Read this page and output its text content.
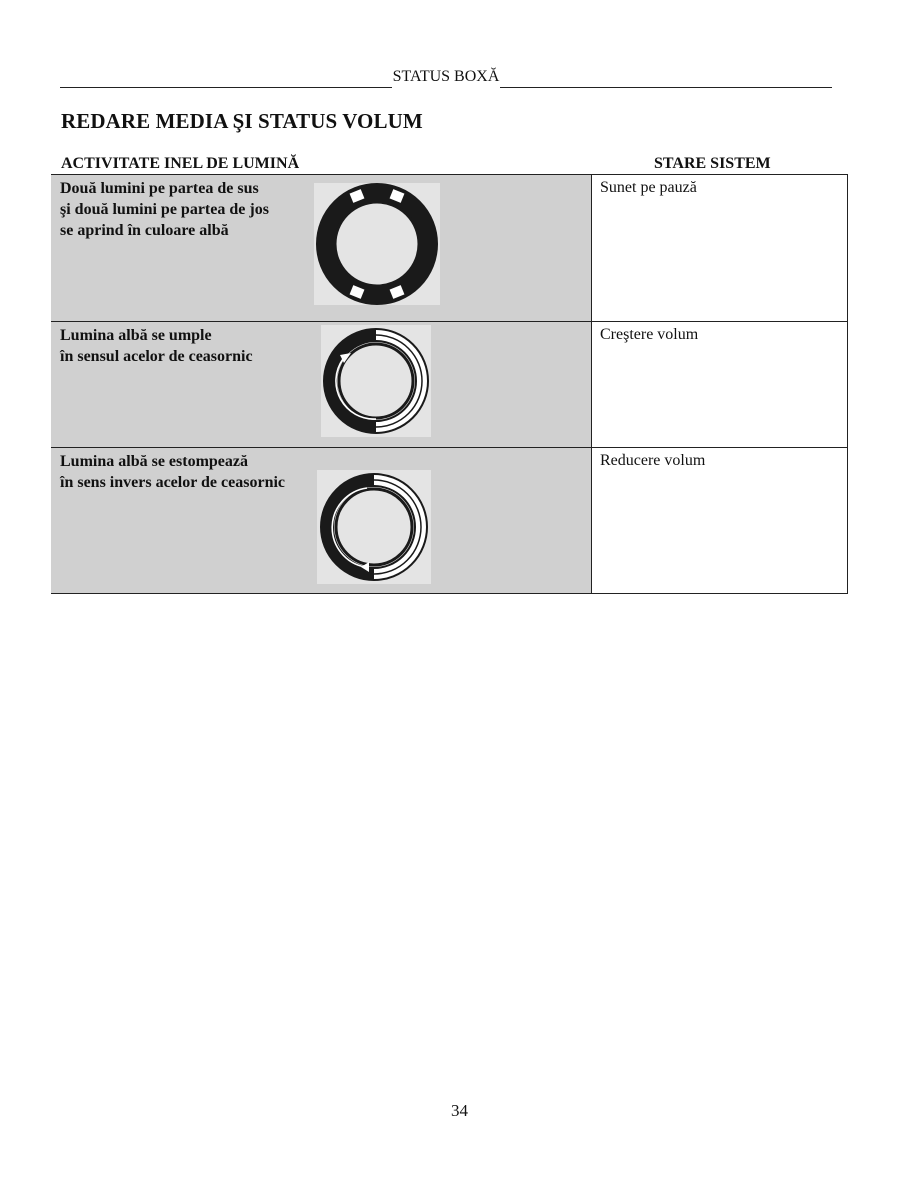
STATUS BOXĂ
REDARE MEDIA ŞI STATUS VOLUM
ACTIVITATE INEL DE LUMINĂ	STARE SISTEM
Două lumini pe partea de sus
şi două lumini pe partea de jos
se aprind în culoare albă
Sunet pe pauză
Lumina albă se umple
în sensul acelor de ceasornic
Creştere volum
Lumina albă se estompează
în sens invers acelor de ceasornic
Reducere volum
34
